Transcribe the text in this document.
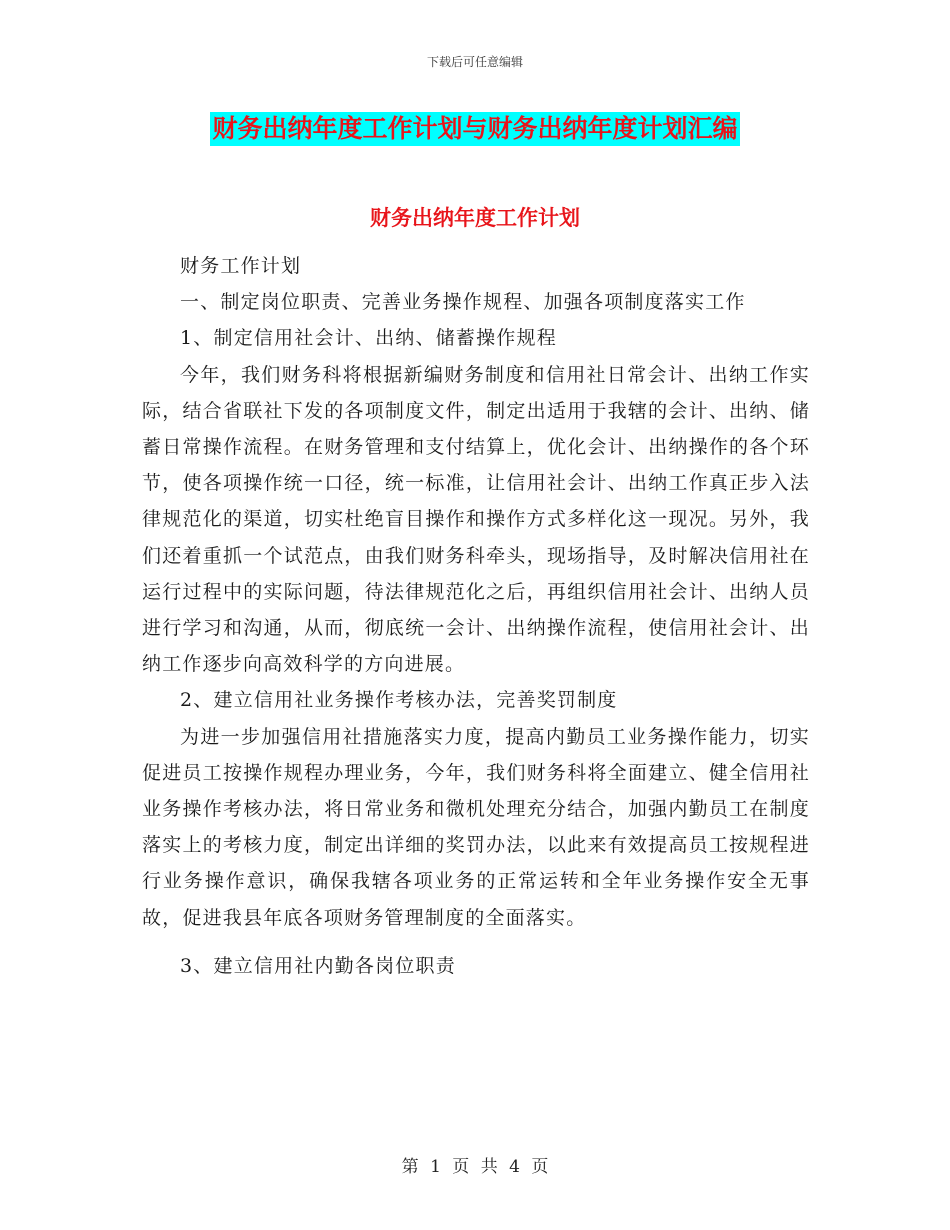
下载后可任意编辑
财务出纳年度工作计划与财务出纳年度计划汇编
财务出纳年度工作计划

财务工作计划

一、制定岗位职责、完善业务操作规程、加强各项制度落实工作

1、制定信用社会计、出纳、储蓄操作规程

今年，我们财务科将根据新编财务制度和信用社日常会计、出纳工作实际，结合省联社下发的各项制度文件，制定出适用于我辖的会计、出纳、储蓄日常操作流程。在财务管理和支付结算上，优化会计、出纳操作的各个环节，使各项操作统一口径，统一标准，让信用社会计、出纳工作真正步入法律规范化的渠道，切实杜绝盲目操作和操作方式多样化这一现况。另外，我们还着重抓一个试范点，由我们财务科牵头，现场指导，及时解决信用社在运行过程中的实际问题，待法律规范化之后，再组织信用社会计、出纳人员进行学习和沟通，从而，彻底统一会计、出纳操作流程，使信用社会计、出纳工作逐步向高效科学的方向进展。

2、建立信用社业务操作考核办法，完善奖罚制度

为进一步加强信用社措施落实力度，提高内勤员工业务操作能力，切实促进员工按操作规程办理业务，今年，我们财务科将全面建立、健全信用社业务操作考核办法，将日常业务和微机处理充分结合，加强内勤员工在制度落实上的考核力度，制定出详细的奖罚办法，以此来有效提高员工按规程进行业务操作意识，确保我辖各项业务的正常运转和全年业务操作安全无事故，促进我县年底各项财务管理制度的全面落实。

3、建立信用社内勤各岗位职责

第 1 页 共 4 页
